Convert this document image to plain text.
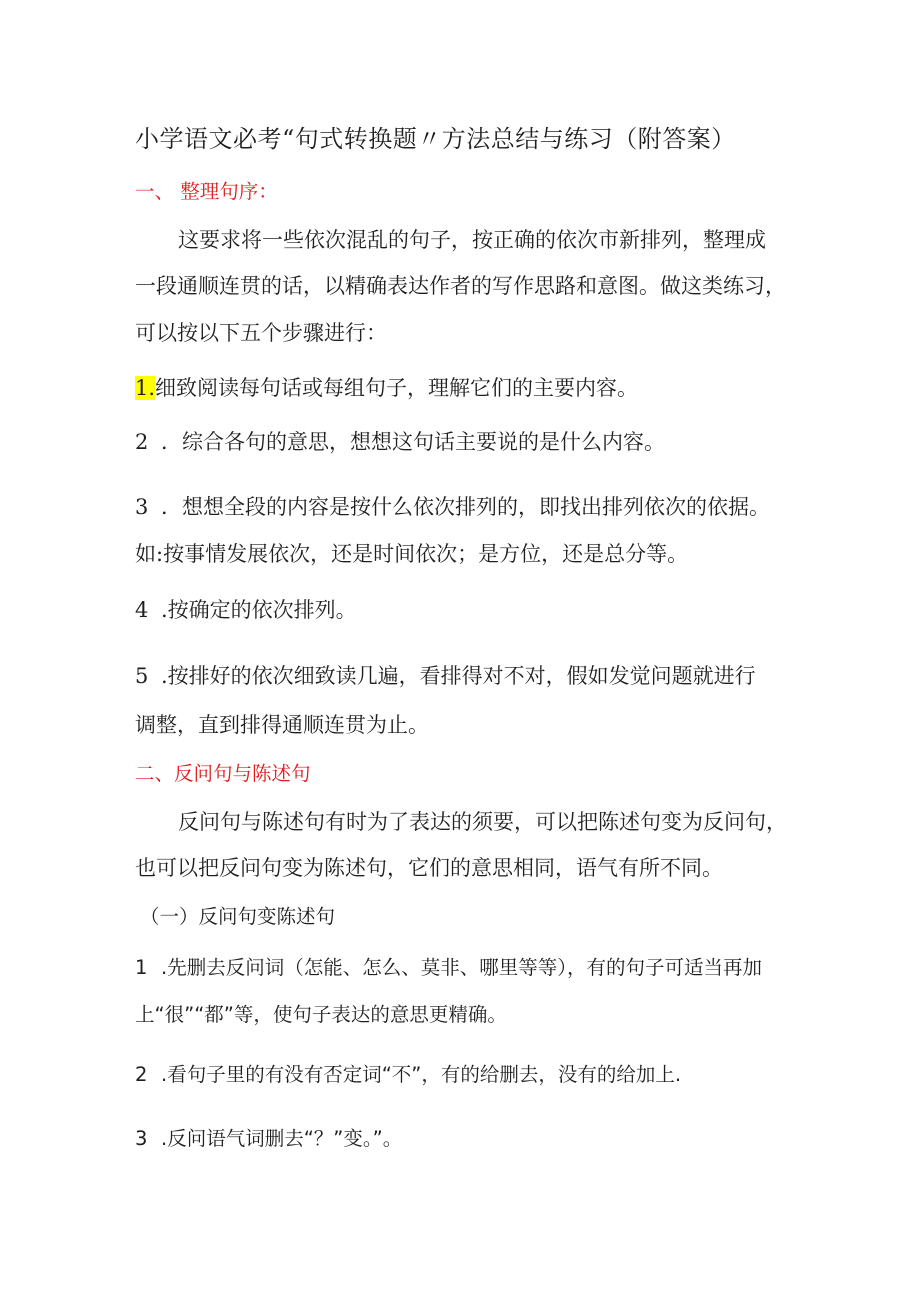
小学语文必考“句式转换题〃方法总结与练习（附答案）
一、 整理句序：
这要求将一些依次混乱的句子，按正确的依次市新排列，整理成
一段通顺连贯的话，以精确表达作者的写作思路和意图。做这类练习，
可以按以下五个步骤进行：
1.细致阅读每句话或每组句子，理解它们的主要内容。
2 ．综合各句的意思，想想这句话主要说的是什么内容。
3 ．想想全段的内容是按什么依次排列的，即找出排列依次的依据。
如:按事情发展依次，还是时间依次；是方位，还是总分等。
4 .按确定的依次排列。
5 .按排好的依次细致读几遍，看排得对不对，假如发觉问题就进行
调整，直到排得通顺连贯为止。
二、反问句与陈述句
反问句与陈述句有时为了表达的须要，可以把陈述句变为反问句，
也可以把反问句变为陈述句，它们的意思相同，语气有所不同。
（一）反问句变陈述句
1 .先删去反问词（怎能、怎么、莫非、哪里等等），有的句子可适当再加
上“很”“都”等，使句子表达的意思更精确。
2 .看句子里的有没有否定词“不”，有的给删去，没有的给加上.
3 .反问语气词删去“？”变。”。
